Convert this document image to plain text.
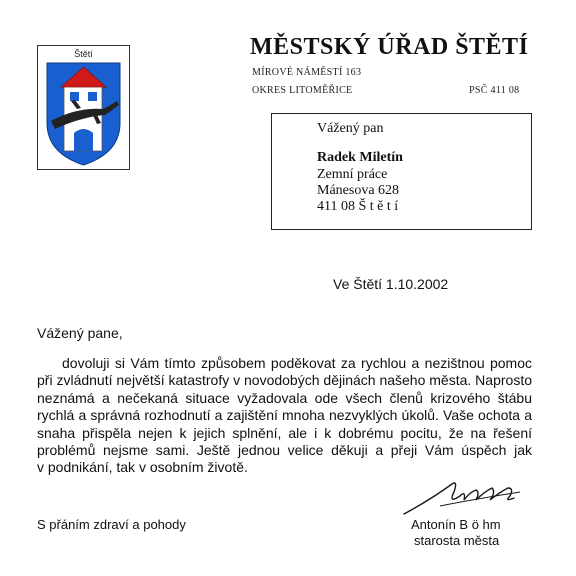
Štětí	MĚSTSKÝ ÚŘAD ŠTĚTÍ
MÍROVÉ NÁMĚSTÍ 163
OKRES LITOMĚŘICE	PSČ 411 08
Vážený pan
Radek Miletín
Zemní práce
Mánesova 628
411 08 Š t ě t í
Ve Štětí 1.10.2002
Vážený pane,
dovoluji si Vám tímto způsobem poděkovat za rychlou a nezištnou pomoc
při zvládnutí největší katastrofy v novodobých dějinách našeho města. Naprosto
neznámá a nečekaná situace vyžadovala ode všech členů krizového štábu
rychlá a správná rozhodnutí a zajištění mnoha nezvyklých úkolů. Vaše ochota a
snaha přispěla nejen k jejich splnění, ale i k dobrému pocitu, že na řešení
problémů nejsme sami. Ještě jednou velice děkuji a přeji Vám úspěch jak
v podnikání, tak v osobním životě.
S přáním zdraví a pohody	Antonín B ö hm
starosta města
